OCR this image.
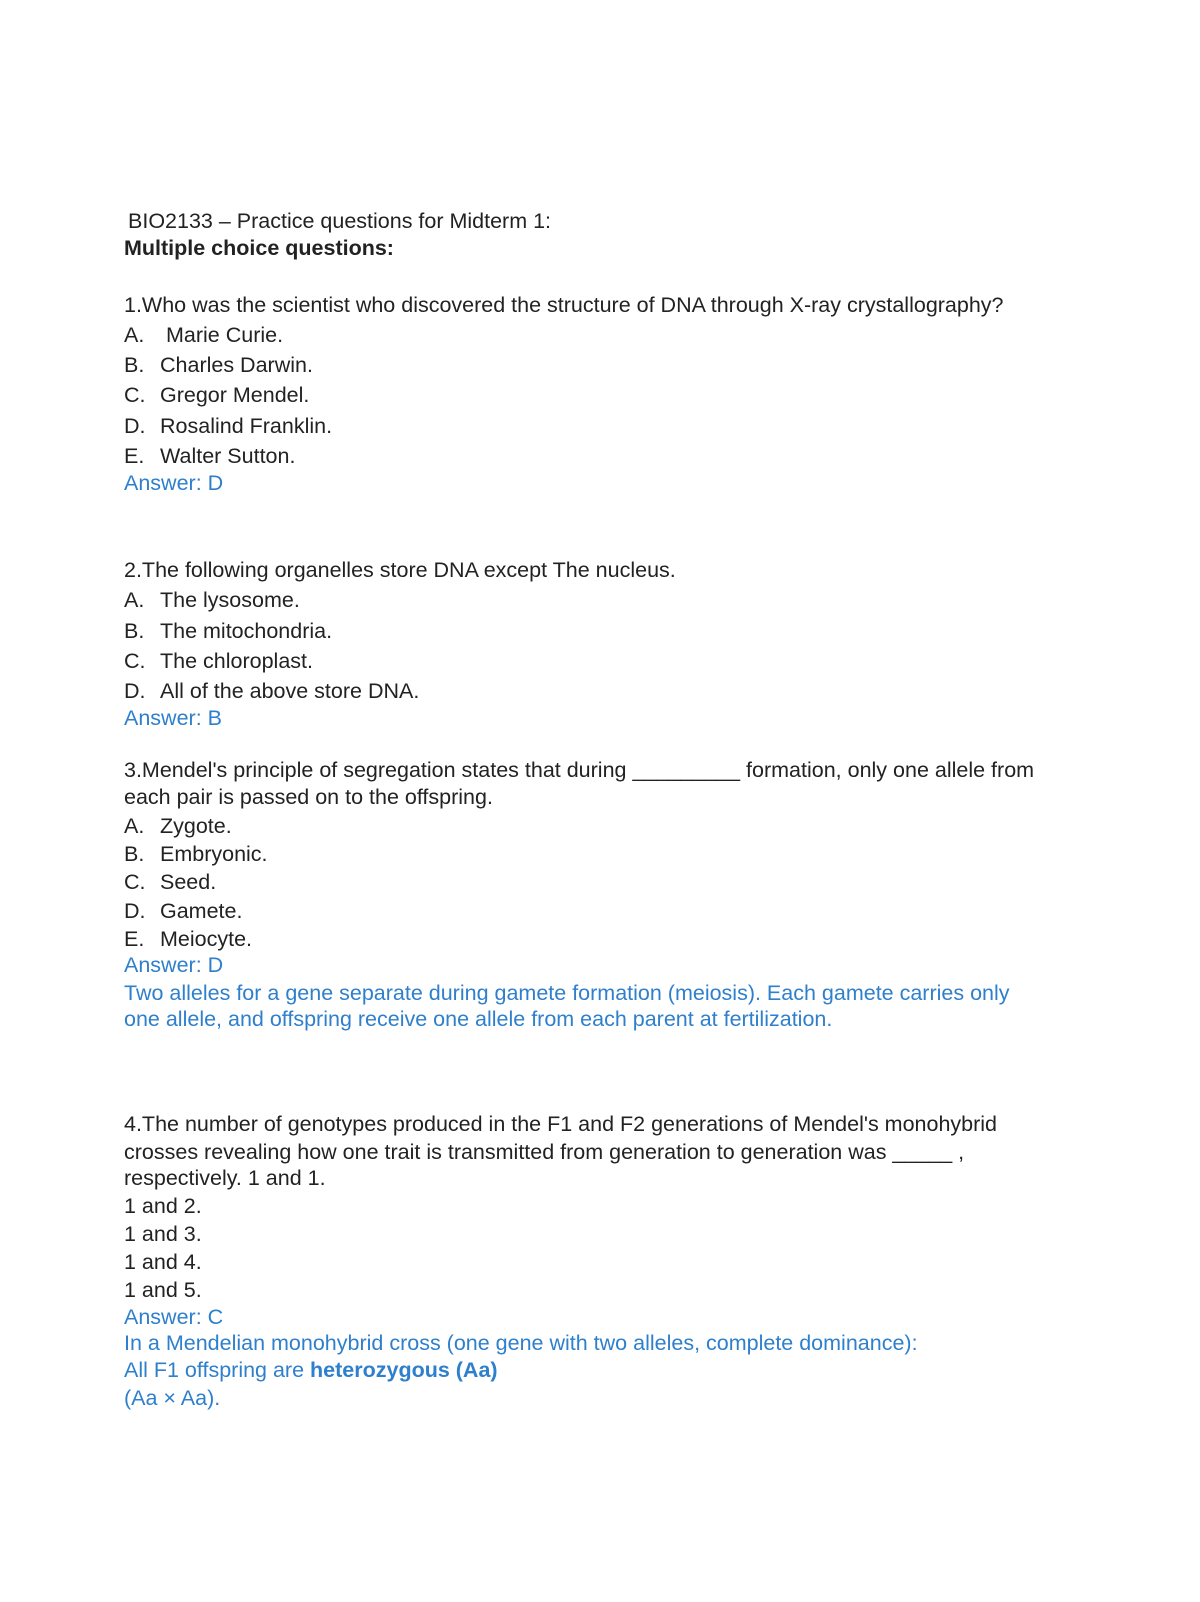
BIO2133 – Practice questions for Midterm 1:
Multiple choice questions:
1.Who was the scientist who discovered the structure of DNA through X-ray crystallography?
A. Marie Curie.
B. Charles Darwin.
C. Gregor Mendel.
D. Rosalind Franklin.
E. Walter Sutton.
Answer: D
2.The following organelles store DNA except The nucleus.
A. The lysosome.
B. The mitochondria.
C. The chloroplast.
D. All of the above store DNA.
Answer: B
3.Mendel's principle of segregation states that during _________ formation, only one allele from
each pair is passed on to the offspring.
A. Zygote.
B. Embryonic.
C. Seed.
D. Gamete.
E. Meiocyte.
Answer: D
Two alleles for a gene separate during gamete formation (meiosis). Each gamete carries only
one allele, and offspring receive one allele from each parent at fertilization.
4.The number of genotypes produced in the F1 and F2 generations of Mendel's monohybrid
crosses revealing how one trait is transmitted from generation to generation was _____ ,
respectively. 1 and 1.
1 and 2.
1 and 3.
1 and 4.
1 and 5.
Answer: C
In a Mendelian monohybrid cross (one gene with two alleles, complete dominance):
All F1 offspring are heterozygous (Aa)
(Aa × Aa).
